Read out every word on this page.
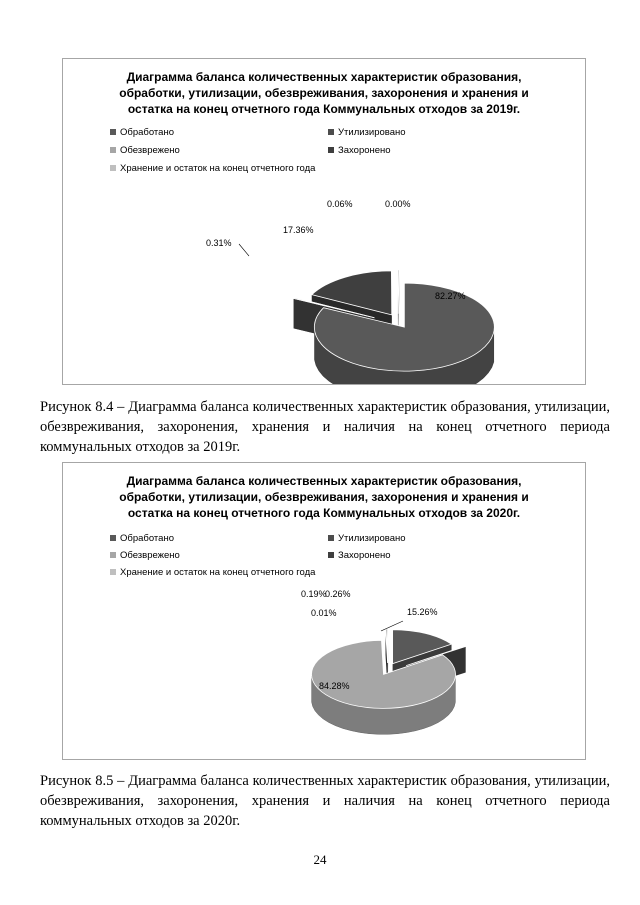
Диаграмма баланса количественных характеристик образования,
обработки, утилизации, обезвреживания, захоронения и хранения и
остатка на конец отчетного года Коммунальных отходов за 2019г.
Обработано	Утилизировано
Обезврежено	Захоронено
Хранение и остаток на конец отчетного года
82.27%
0.00%
0.31%
17.36%
0.06%
Рисунок 8.4 – Диаграмма баланса количественных характеристик образования, утилизации, обезвреживания, захоронения, хранения и наличия на конец отчетного периода коммунальных отходов за 2019г.
Диаграмма баланса количественных характеристик образования,
обработки, утилизации, обезвреживания, захоронения и хранения и
остатка на конец отчетного года Коммунальных отходов за 2020г.
Обработано	Утилизировано
Обезврежено	Захоронено
Хранение и остаток на конец отчетного года
15.26%
0.01%
84.28%
0.26%
0.19%
Рисунок 8.5 – Диаграмма баланса количественных характеристик образования, утилизации, обезвреживания, захоронения, хранения и наличия на конец отчетного периода коммунальных отходов за 2020г.
24
